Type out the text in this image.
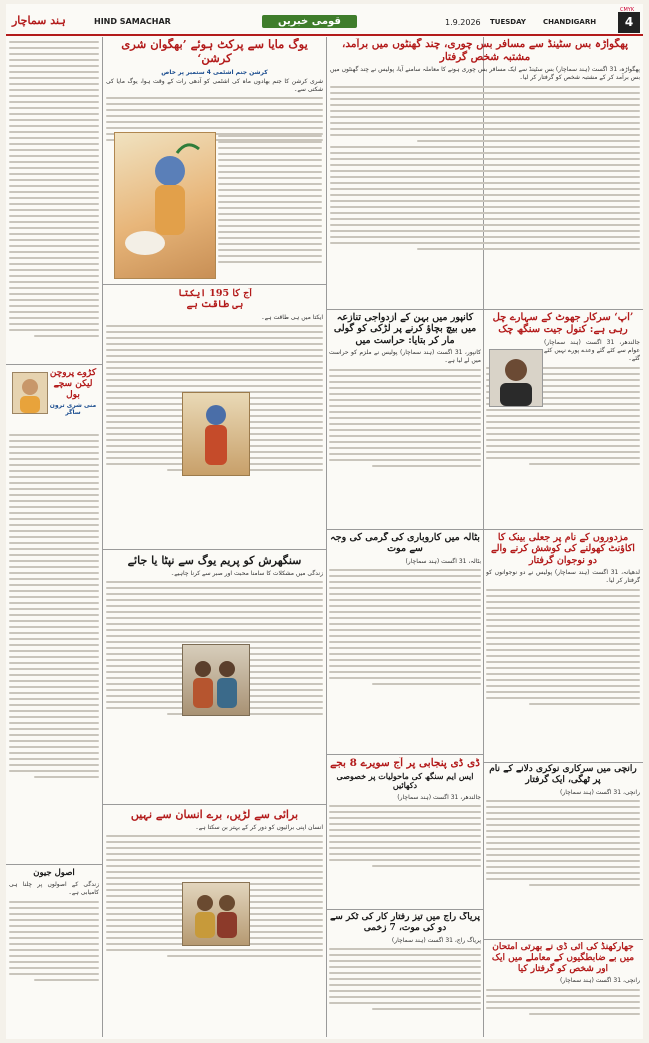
ہند سماچار	HIND SAMACHAR	قومی خبریں	1.9.2026 TUESDAY CHANDIGARH	4
CMYK
پھگواڑہ بس سٹینڈ سے مسافر بس چوری، چند گھنٹوں میں برآمد، مشتبہ شخص گرفتار
پھگواڑہ، 31 اگست (ہند سماچار) بس سٹینڈ سے ایک مسافر بس چوری ہونے کا معاملہ سامنے آیا، پولیس نے چند گھنٹوں میں بس برآمد کر کے مشتبہ شخص کو گرفتار کر لیا۔
یوگ مایا سے پرکٹ ہوئے ’بھگوان شری کرشن‘
کرشن جنم اشٹمی 4 ستمبر پر خاص
شری کرشن کا جنم بھادوں ماہ کی اشٹمی کو آدھی رات کے وقت ہوا، یوگ مایا کی شکتی سے۔
’آپ‘ سرکار جھوٹ کے سہارے چل رہی ہے: کنول جیت سنگھ چک
جالندھر، 31 اگست (ہند سماچار) عوام سے کئے گئے وعدے پورے نہیں کئے گئے۔
کانپور میں بہن کے ازدواجی تنازعہ میں بیچ بچاؤ کرنے پر لڑکی کو گولی مار کر بتایا: حراست میں
کانپور، 31 اگست (ہند سماچار) پولیس نے ملزم کو حراست میں لے لیا ہے۔
مزدوروں کے نام پر جعلی بینک کا اکاؤنٹ کھولنے کی کوشش کرنے والے دو نوجوان گرفتار
لدھیانہ، 31 اگست (ہند سماچار) پولیس نے دو نوجوانوں کو گرفتار کر لیا۔
بٹالہ میں کاروباری کی گرمی کی وجہ سے موت
بٹالہ، 31 اگست (ہند سماچار)
ڈی ڈی پنجابی پر آج سویرے 8 بجے
ایس ایم سنگھ کی ماحولیات پر خصوصی دکھائیں
جالندھر، 31 اگست (ہند سماچار)
پریاگ راج میں تیز رفتار کار کی ٹکر سے دو کی موت، 7 زخمی
پریاگ راج، 31 اگست (ہند سماچار)
رانچی میں سرکاری نوکری دلانے کے نام پر ٹھگی، ایک گرفتار
رانچی، 31 اگست (ہند سماچار)
جھارکھنڈ کی آئی ڈی نے بھرتی امتحان میں بے ضابطگیوں کے معاملے میں ایک اور شخص کو گرفتار کیا
رانچی، 31 اگست (ہند سماچار)
آج کا 195 ایکتا ہی طاقت ہے
ایکتا میں ہی طاقت ہے۔
سنگھرش کو پریم یوگ سے نپٹا یا جائے
زندگی میں مشکلات کا سامنا محبت اور صبر سے کرنا چاہیے۔
برائی سے لڑیں، برے انسان سے نہیں
انسان اپنی برائیوں کو دور کر کے بہتر بن سکتا ہے۔
کڑوے پروچن لیکن سچے بول
منی شری ترون ساگر
اصول جیون
زندگی کے اصولوں پر چلنا ہی کامیابی ہے۔
